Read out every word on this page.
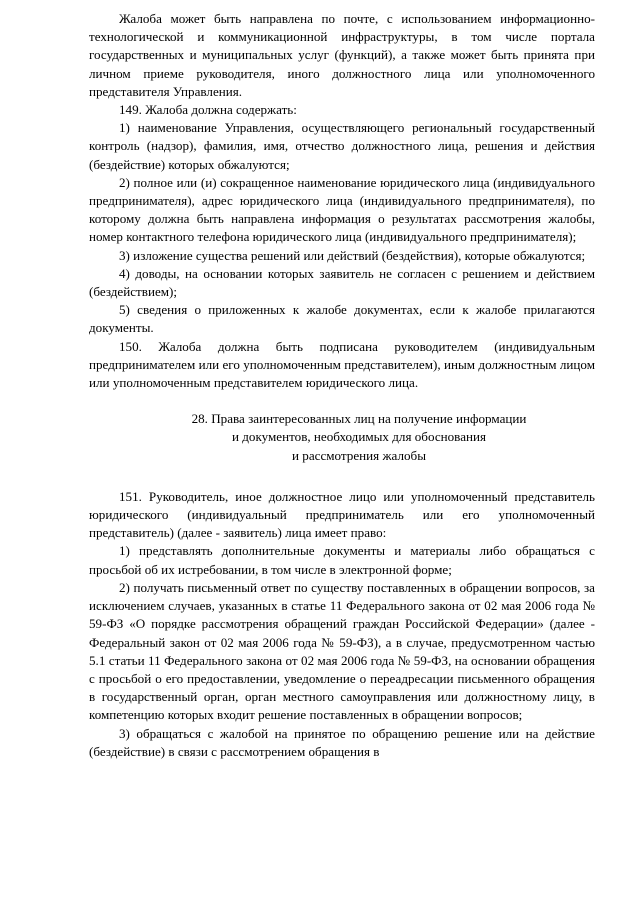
Жалоба может быть направлена по почте, с использованием информационно-технологической и коммуникационной инфраструктуры, в том числе портала государственных и муниципальных услуг (функций), а также может быть принята при личном приеме руководителя, иного должностного лица или уполномоченного представителя Управления.

149. Жалоба должна содержать:

1) наименование Управления, осуществляющего региональный государственный контроль (надзор), фамилия, имя, отчество должностного лица, решения и действия (бездействие) которых обжалуются;

2) полное или (и) сокращенное наименование юридического лица (индивидуального предпринимателя), адрес юридического лица (индивидуального предпринимателя), по которому должна быть направлена информация о результатах рассмотрения жалобы, номер контактного телефона юридического лица (индивидуального предпринимателя);

3) изложение существа решений или действий (бездействия), которые обжалуются;

4) доводы, на основании которых заявитель не согласен с решением и действием (бездействием);

5) сведения о приложенных к жалобе документах, если к жалобе прилагаются документы.

150. Жалоба должна быть подписана руководителем (индивидуальным предпринимателем или его уполномоченным представителем), иным должностным лицом или уполномоченным представителем юридического лица.

28. Права заинтересованных лиц на получение информации
и документов, необходимых для обоснования
и рассмотрения жалобы

151. Руководитель, иное должностное лицо или уполномоченный представитель юридического (индивидуальный предприниматель или его уполномоченный представитель) (далее - заявитель) лица имеет право:

1) представлять дополнительные документы и материалы либо обращаться с просьбой об их истребовании, в том числе в электронной форме;

2) получать письменный ответ по существу поставленных в обращении вопросов, за исключением случаев, указанных в статье 11 Федерального закона от 02 мая 2006 года № 59-ФЗ «О порядке рассмотрения обращений граждан Российской Федерации» (далее - Федеральный закон от 02 мая 2006 года № 59-ФЗ), а в случае, предусмотренном частью 5.1 статьи 11 Федерального закона от 02 мая 2006 года № 59-ФЗ, на основании обращения с просьбой о его предоставлении, уведомление о переадресации письменного обращения в государственный орган, орган местного самоуправления или должностному лицу, в компетенцию которых входит решение поставленных в обращении вопросов;

3) обращаться с жалобой на принятое по обращению решение или на действие (бездействие) в связи с рассмотрением обращения в
